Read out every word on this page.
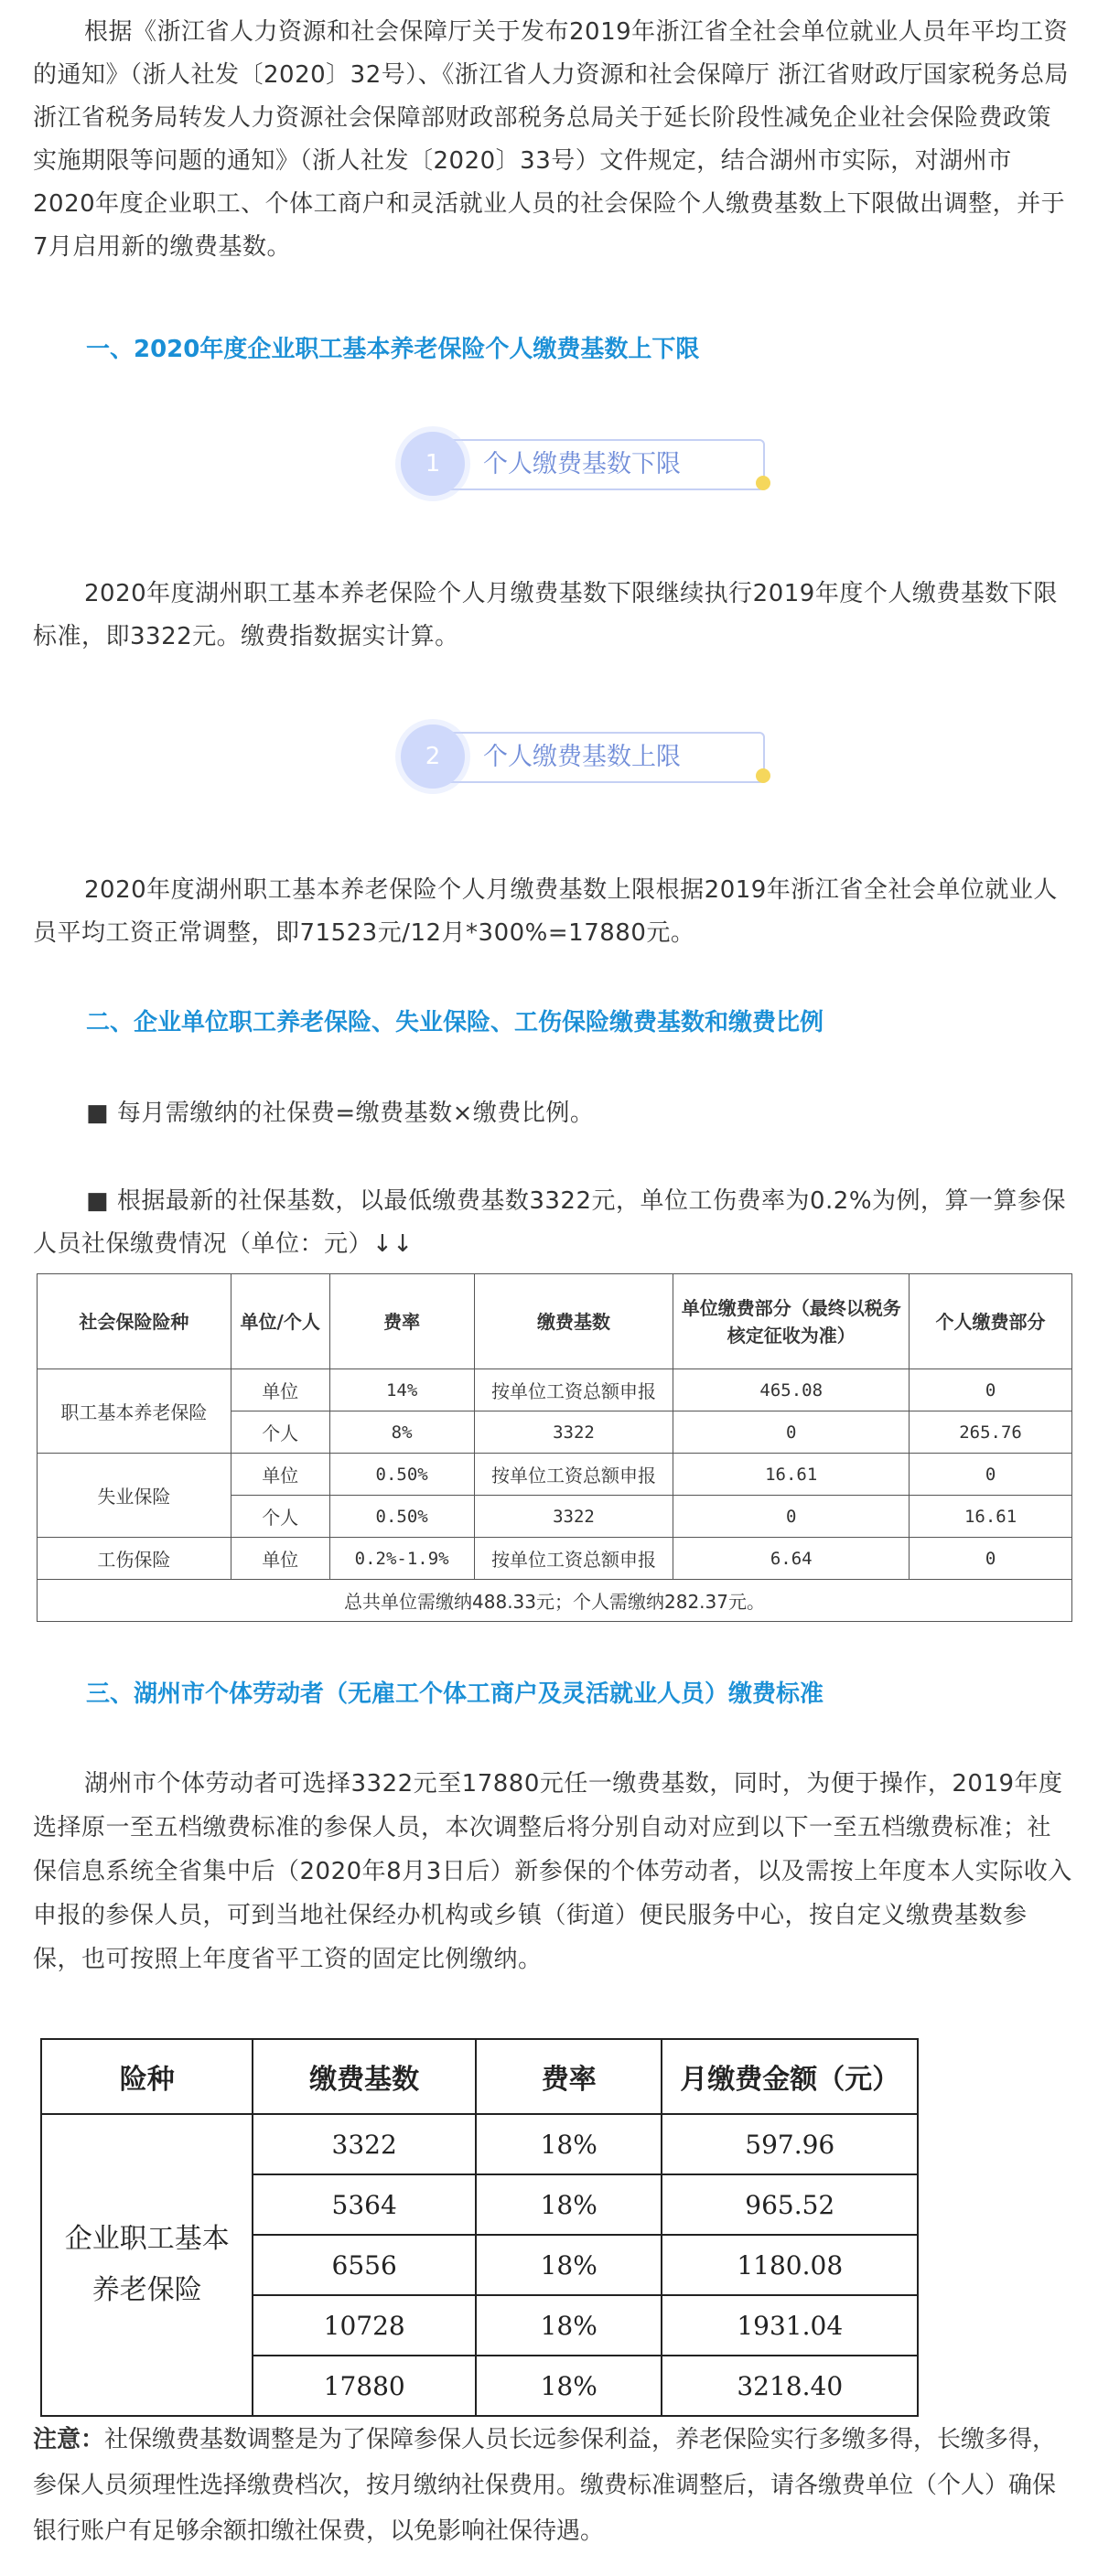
根据《浙江省人力资源和社会保障厅关于发布2019年浙江省全社会单位就业人员年平均工资的通知》（浙人社发〔2020〕32号）、《浙江省人力资源和社会保障厅 浙江省财政厅国家税务总局浙江省税务局转发人力资源社会保障部财政部税务总局关于延长阶段性减免企业社会保险费政策实施期限等问题的通知》（浙人社发〔2020〕33号）文件规定，结合湖州市实际，对湖州市2020年度企业职工、个体工商户和灵活就业人员的社会保险个人缴费基数上下限做出调整，并于7月启用新的缴费基数。

一、2020年度企业职工基本养老保险个人缴费基数上下限

1	个人缴费基数下限

2020年度湖州职工基本养老保险个人月缴费基数下限继续执行2019年度个人缴费基数下限标准，即3322元。缴费指数据实计算。

2	个人缴费基数上限

2020年度湖州职工基本养老保险个人月缴费基数上限根据2019年浙江省全社会单位就业人员平均工资正常调整，即71523元/12月*300%=17880元。

二、企业单位职工养老保险、失业保险、工伤保险缴费基数和缴费比例

■ 每月需缴纳的社保费=缴费基数×缴费比例。

■ 根据最新的社保基数，以最低缴费基数3322元，单位工伤费率为0.2%为例，算一算参保人员社保缴费情况（单位：元）↓↓

社会保险险种	单位/个人	费率	缴费基数	单位缴费部分（最终以税务核定征收为准）	个人缴费部分
职工基本养老保险	单位	14%	按单位工资总额申报	465.08	0
	个人	8%	3322	0	265.76
失业保险	单位	0.50%	按单位工资总额申报	16.61	0
	个人	0.50%	3322	0	16.61
工伤保险	单位	0.2%-1.9%	按单位工资总额申报	6.64	0
总共单位需缴纳488.33元；个人需缴纳282.37元。					

三、湖州市个体劳动者（无雇工个体工商户及灵活就业人员）缴费标准

湖州市个体劳动者可选择3322元至17880元任一缴费基数，同时，为便于操作，2019年度选择原一至五档缴费标准的参保人员，本次调整后将分别自动对应到以下一至五档缴费标准；社保信息系统全省集中后（2020年8月3日后）新参保的个体劳动者，以及需按上年度本人实际收入申报的参保人员，可到当地社保经办机构或乡镇（街道）便民服务中心，按自定义缴费基数参保，也可按照上年度省平工资的固定比例缴纳。

险种	缴费基数	费率	月缴费金额（元）
企业职工基本养老保险	3322	18%	597.96
	5364	18%	965.52
	6556	18%	1180.08
	10728	18%	1931.04
	17880	18%	3218.40

注意：社保缴费基数调整是为了保障参保人员长远参保利益，养老保险实行多缴多得，长缴多得，参保人员须理性选择缴费档次，按月缴纳社保费用。缴费标准调整后，请各缴费单位（个人）确保银行账户有足够余额扣缴社保费，以免影响社保待遇。
